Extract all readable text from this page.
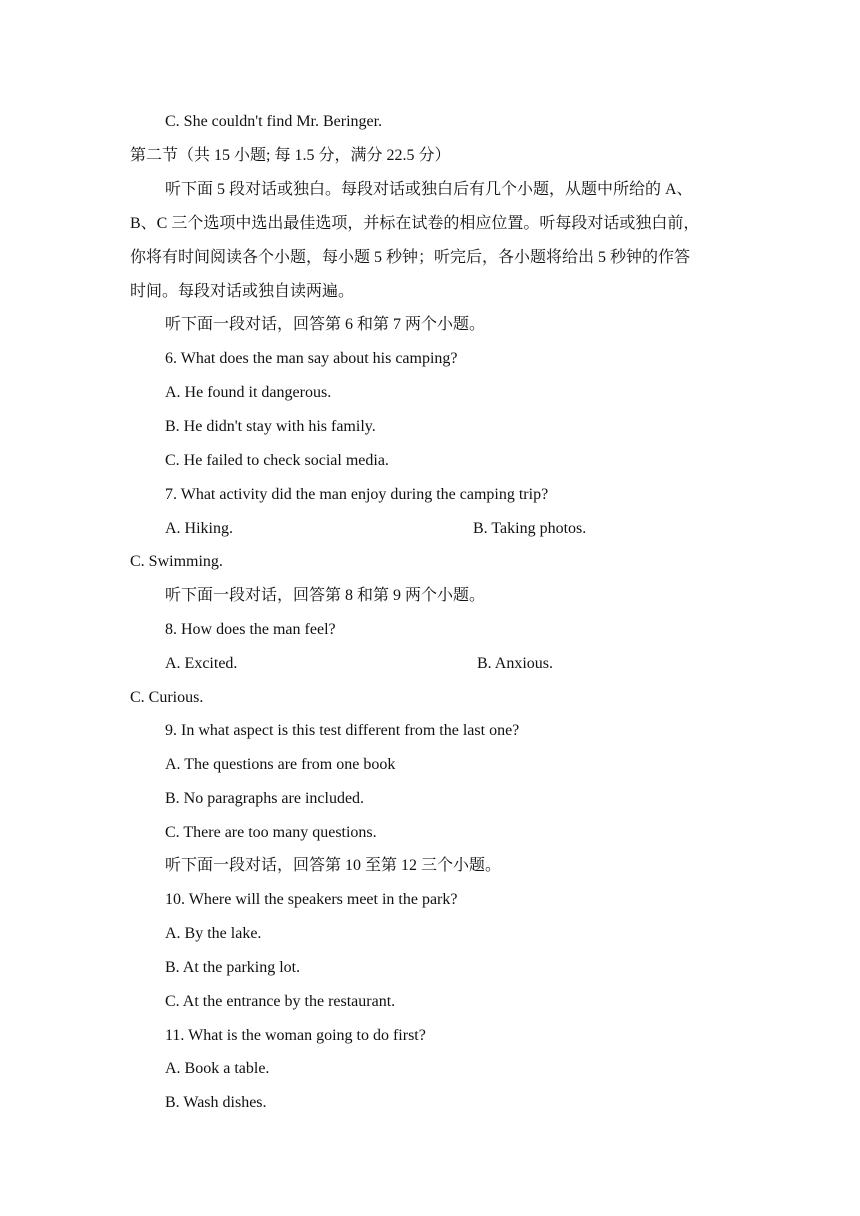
C. She couldn't find Mr. Beringer.
第二节（共 15 小题; 每 1.5 分，满分 22.5 分）
听下面 5 段对话或独白。每段对话或独白后有几个小题，从题中所给的 A、
B、C 三个选项中选出最佳选项，并标在试卷的相应位置。听每段对话或独白前，
你将有时间阅读各个小题，每小题 5 秒钟；听完后，各小题将给出 5 秒钟的作答
时间。每段对话或独自读两遍。
听下面一段对话，回答第 6 和第 7 两个小题。
6. What does the man say about his camping?
A. He found it dangerous.
B. He didn't stay with his family.
C. He failed to check social media.
7. What activity did the man enjoy during the camping trip?
A. Hiking.	B. Taking photos.
C. Swimming.
听下面一段对话，回答第 8 和第 9 两个小题。
8. How does the man feel?
A. Excited.	B. Anxious.
C. Curious.
9. In what aspect is this test different from the last one?
A. The questions are from one book
B. No paragraphs are included.
C. There are too many questions.
听下面一段对话，回答第 10 至第 12 三个小题。
10. Where will the speakers meet in the park?
A. By the lake.
B. At the parking lot.
C. At the entrance by the restaurant.
11. What is the woman going to do first?
A. Book a table.
B. Wash dishes.
